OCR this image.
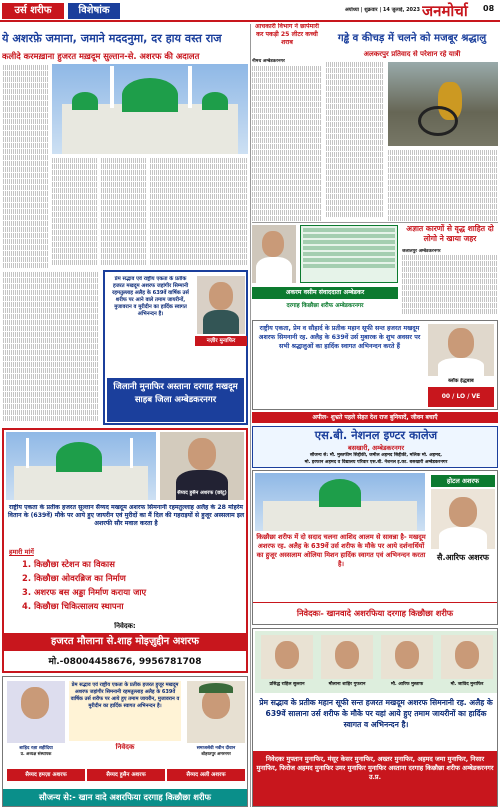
उर्स शरीफ	विशेषांक	अयोध्या | शुक्रवार | 14 जुलाई, 2023 जनमोर्चा	08
ये अशरफ़े जमाना, जमाने मददनुमा, दर हाय वस्त राज
कलीदे करमख़ाना हुजरत मख़दूम सुल्तान-से. अशरफ की अदालत
प्रेम सद्भाव एवं राष्ट्रीय एकता के प्रतीक हजरत मखदूम अशरफ जहांगीर सिम्मानी रहमतुल्लाह अलैह के 639वें वार्षिक उर्स शरीफ पर आने वाले तमाम जायरीनों, मुजावरान व मुरीदीन का हार्दिक स्वागत अभिनन्दन है।
नज़ीर मुनाफिर
जिलानी मुनाफिर अस्ताना दरगाह मखदूम साहब जिला अम्बेडकरनगर
आचकारी विभाग ने छापेमारी कर पकड़ी 25 लीटर कच्ची शराब
नीमथ अम्बेडकरनगर
गड्ढे व कीचड़ में चलने को मजबूर श्रद्धालु
अलकरपुर प्रतिवाद से परेशान रहे यात्री
अकरम वसीम संवाददाता अम्बेडकर
दरगाह किछौछा शरीफ अम्बेडकरनगर
अज्ञात कारणों से वृद्ध शाहित दो लोगो ने खाया जहर
जलालपुर अम्बेडकरनगर
राष्ट्रीय एकता, प्रेम व सौहार्द के प्रतीक महान सूफी सन्त हजरत मखदूम अशरफ सिमनानी रह. अलैह के 639वें उर्स मुबारक के शुभ अवसर पर सभी श्रद्धालुओं का हार्दिक स्वागत अभिनन्दन करते हैं
ब्लॉक ईद्धबाब
00 / LO / VE
अपील- शुभ्रते पहले सेहत देश राज बुनियादें, जीवन बचाएँ
एस.बी. नेशनल इण्टर कालेज
बसखारी, अम्बेडकरनगर
सौजन्य से: मौ. मुस्तफीम सिद्दीकी, जमील अहमद सिद्दीकी, मलिक मो. अहमद,
मो. इरफान अहमद व विद्यालय परिवार एस.बी. नेशनल इ.का. बसखारी अम्बेडकरनगर
सैय्यद हुसैन अशरफ (छोटू)
राष्ट्रीय एकता के प्रतीक हजरत सुल्तान सैय्यद मखदूम अशरफ सिमनानी रहमतुल्लाह अलैह के 28 मोहर्रम वितान के (639वें) मौके पर आये हुए जायरीन एवं मुरीदों का मैं दिल की गहराइयों से हुजूर अस्सलाम इल अशरफी सौर मवाल करता है
हमारी मांगें
1. किछौछा स्टेशन का विकास
2. किछौछा ओवरब्रिज का निर्माण
3. अशरफ बस अड्डा निर्माण कराया जाए
4. किछौछा चिकित्सालय स्थापना
निवेदक:
हजरत मौलाना से.शाह मोइज़ुद्दीन अशरफ
मो.-08004458676, 9956781708
होटल अशरफ
किछौछा शरीफ में दो सदाद चलना आशिद आलम से सावन्ना है- मखदूम अशरफ रह. अलैह के 639वें उर्स शरीफ के मौके पर आये दर्शनार्थियों का हुजूर अस्सलाम ओलिया मिशन हार्दिक स्वागत एवं अभिनन्दन करता है।
सै.आरिफ अशरफ
निवेदकः- खानवादे अशरफिया दरगाह किछौछा शरीफ
शाहिद रज़ा शहीदिया
प्र. अध्यक्ष संस्थापक
प्रेम सद्भाव एवं राष्ट्रीय एकता के प्रतीक हजरत हुजूर मखदूम अशरफ जहांगीर सिमनानी रहमतुल्लाह अलैह के 639वें वार्षिक उर्स शरीफ पर आये हुए तमाम जायरीन, मुजावरान व मुरीदीन का हार्दिक स्वागत अभिनन्दन है।
निवेदक	समाजसेवी नवीन दीवान
शोहरतपुर अमरनगर
सैय्यद हमज़ा अशरफ	सैय्यद हुसैन अशरफ	सैय्यद अली अशरफ
सौजन्य से:- खान वादे अशरफिया दरगाह किछौछा शरीफ
प्रसिद्ध राहिल सुल्तान	मौलाना शाहिर गुफरान	मौ. आरिफ मुस्ताफ	मौ. जाविद मुनाफिर
प्रेम सद्भाव के प्रतीक महान सूफी सन्त हजरत मखदूम अशरफ सिमनानी रह. अलैह के 639वें सालाना उर्स शरीफ के मौके पर यहां आये हुए तमाम जायरीनों का हार्दिक स्वागत व अभिनन्दन है।
निवेदकः मुफ्तान मुनाफिर, मंसूर केसर मुनाफिर, अख्तर मुनाफिर, अहमद जमा मुनाफिर, निसार मुनाफिर, फिरोज अहमद मुनाफिर उमर मुनाफिर मुनाफिर अस्ताना दरगाह किछौछा शरीफ अम्बेडकरनगर उ.प्र.
